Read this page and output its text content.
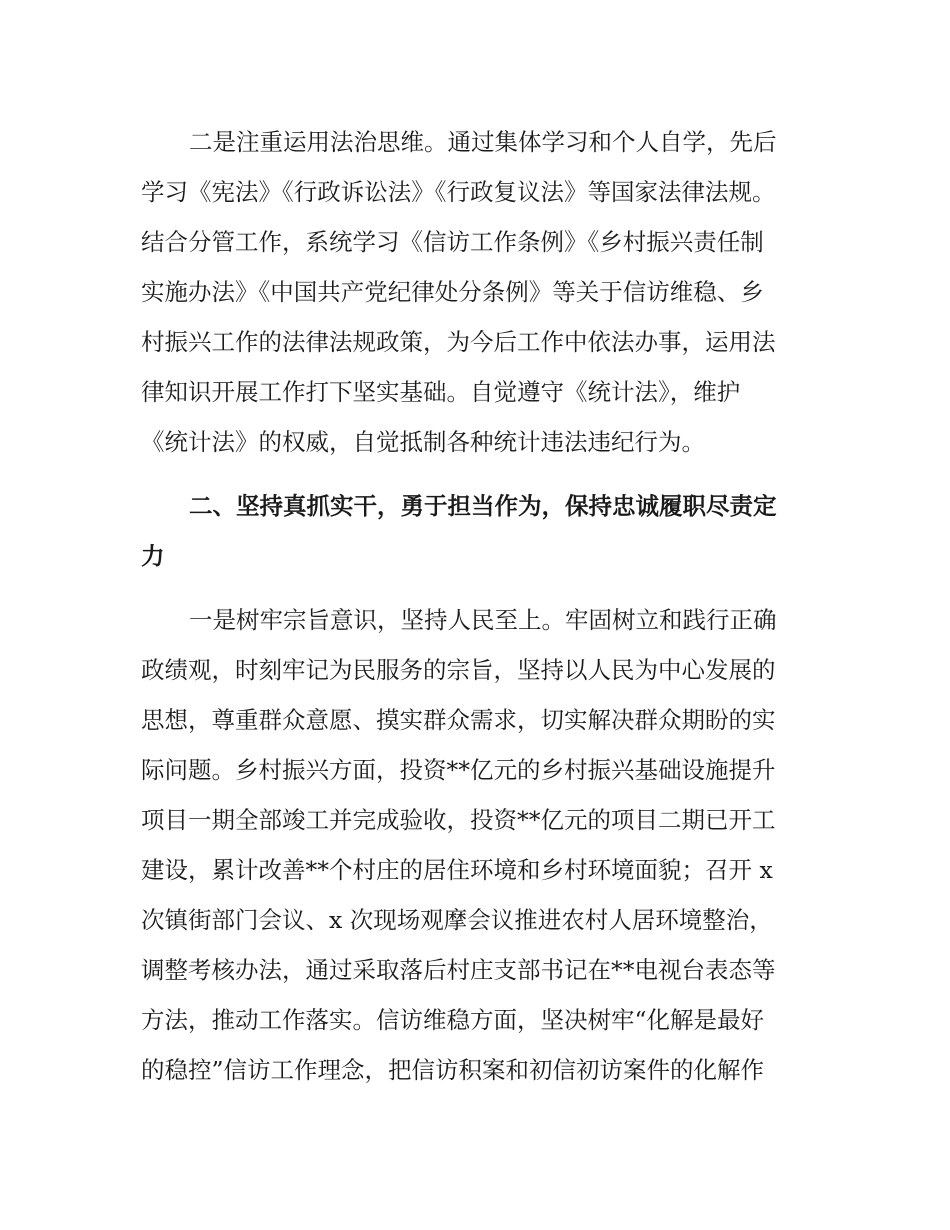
二是注重运用法治思维。通过集体学习和个人自学，先后
学习《宪法》《行政诉讼法》《行政复议法》等国家法律法规。
结合分管工作，系统学习《信访工作条例》《乡村振兴责任制
实施办法》《中国共产党纪律处分条例》等关于信访维稳、乡
村振兴工作的法律法规政策，为今后工作中依法办事，运用法
律知识开展工作打下坚实基础。自觉遵守《统计法》，维护
《统计法》的权威，自觉抵制各种统计违法违纪行为。
二、坚持真抓实干，勇于担当作为，保持忠诚履职尽责定
力
一是树牢宗旨意识，坚持人民至上。牢固树立和践行正确
政绩观，时刻牢记为民服务的宗旨，坚持以人民为中心发展的
思想，尊重群众意愿、摸实群众需求，切实解决群众期盼的实
际问题。乡村振兴方面，投资**亿元的乡村振兴基础设施提升
项目一期全部竣工并完成验收，投资**亿元的项目二期已开工
建设，累计改善**个村庄的居住环境和乡村环境面貌；召开 x
次镇街部门会议、x 次现场观摩会议推进农村人居环境整治，
调整考核办法，通过采取落后村庄支部书记在**电视台表态等
方法，推动工作落实。信访维稳方面，坚决树牢“化解是最好
的稳控”信访工作理念，把信访积案和初信初访案件的化解作
